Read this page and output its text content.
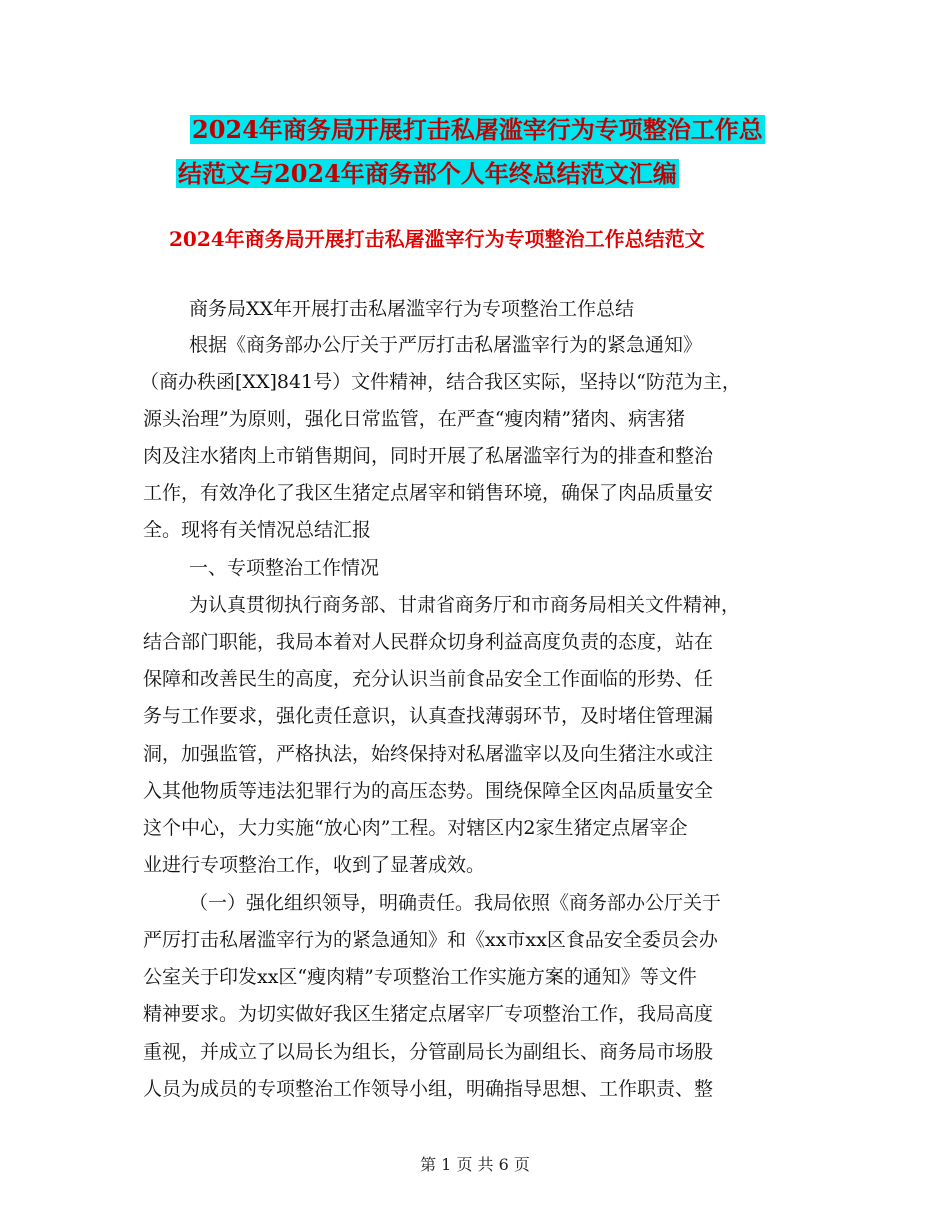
2024年商务局开展打击私屠滥宰行为专项整治工作总
结范文与2024年商务部个人年终总结范文汇编
2024年商务局开展打击私屠滥宰行为专项整治工作总结范文
商务局XX年开展打击私屠滥宰行为专项整治工作总结
根据《商务部办公厅关于严厉打击私屠滥宰行为的紧急通知》
（商办秩函[XX]841号）文件精神，结合我区实际，坚持以“防范为主，
源头治理”为原则，强化日常监管，在严查“瘦肉精”猪肉、病害猪
肉及注水猪肉上市销售期间，同时开展了私屠滥宰行为的排查和整治
工作，有效净化了我区生猪定点屠宰和销售环境，确保了肉品质量安
全。现将有关情况总结汇报
一、专项整治工作情况
为认真贯彻执行商务部、甘肃省商务厅和市商务局相关文件精神，
结合部门职能，我局本着对人民群众切身利益高度负责的态度，站在
保障和改善民生的高度，充分认识当前食品安全工作面临的形势、任
务与工作要求，强化责任意识，认真查找薄弱环节，及时堵住管理漏
洞，加强监管，严格执法，始终保持对私屠滥宰以及向生猪注水或注
入其他物质等违法犯罪行为的高压态势。围绕保障全区肉品质量安全
这个中心，大力实施“放心肉”工程。对辖区内2家生猪定点屠宰企
业进行专项整治工作，收到了显著成效。
（一）强化组织领导，明确责任。我局依照《商务部办公厅关于
严厉打击私屠滥宰行为的紧急通知》和《xx市xx区食品安全委员会办
公室关于印发xx区“瘦肉精”专项整治工作实施方案的通知》等文件
精神要求。为切实做好我区生猪定点屠宰厂专项整治工作，我局高度
重视，并成立了以局长为组长，分管副局长为副组长、商务局市场股
人员为成员的专项整治工作领导小组，明确指导思想、工作职责、整
第 1 页 共 6 页
